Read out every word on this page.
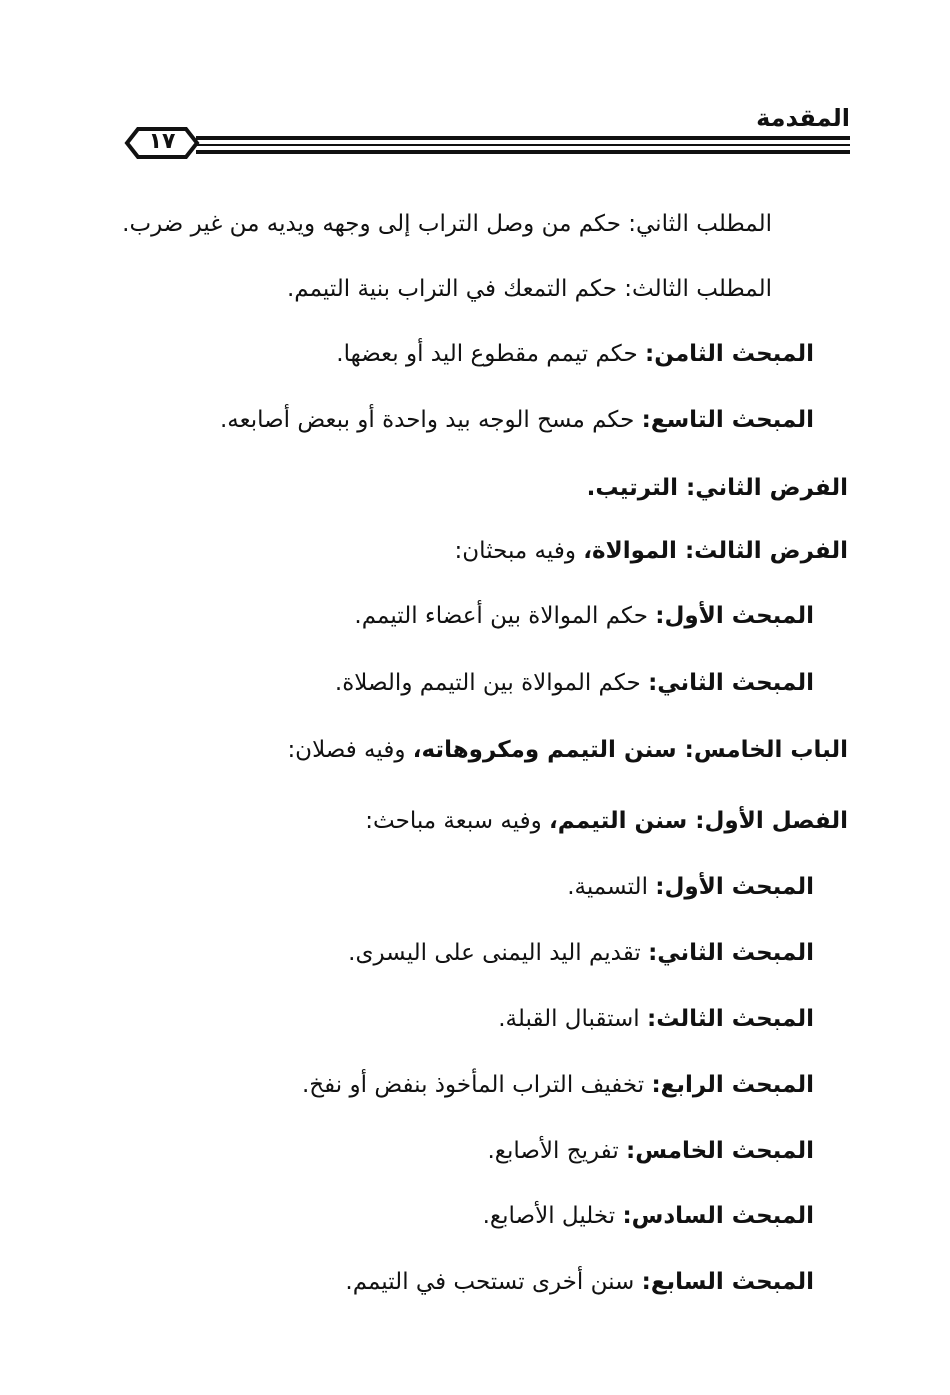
المقدمة
١٧
المطلب الثاني: حكم من وصل التراب إلى وجهه ويديه من غير ضرب.
المطلب الثالث: حكم التمعك في التراب بنية التيمم.
المبحث الثامن: حكم تيمم مقطوع اليد أو بعضها.
المبحث التاسع: حكم مسح الوجه بيد واحدة أو ببعض أصابعه.
الفرض الثاني: الترتيب.
الفرض الثالث: الموالاة، وفيه مبحثان:
المبحث الأول: حكم الموالاة بين أعضاء التيمم.
المبحث الثاني: حكم الموالاة بين التيمم والصلاة.
الباب الخامس: سنن التيمم ومكروهاته، وفيه فصلان:
الفصل الأول: سنن التيمم، وفيه سبعة مباحث:
المبحث الأول: التسمية.
المبحث الثاني: تقديم اليد اليمنى على اليسرى.
المبحث الثالث: استقبال القبلة.
المبحث الرابع: تخفيف التراب المأخوذ بنفض أو نفخ.
المبحث الخامس: تفريج الأصابع.
المبحث السادس: تخليل الأصابع.
المبحث السابع: سنن أخرى تستحب في التيمم.
